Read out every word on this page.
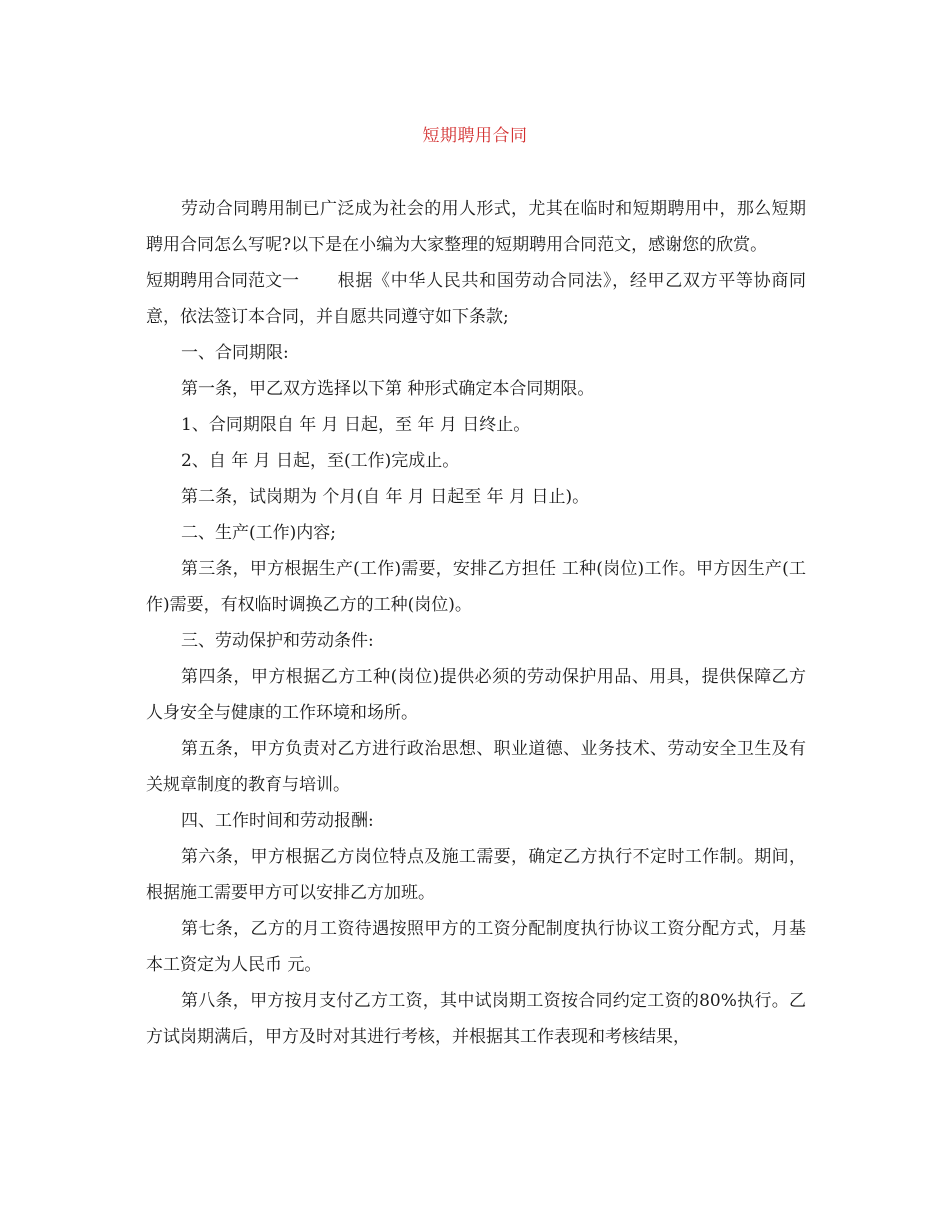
短期聘用合同

劳动合同聘用制已广泛成为社会的用人形式，尤其在临时和短期聘用中，那么短期聘用合同怎么写呢?以下是在小编为大家整理的短期聘用合同范文，感谢您的欣赏。

短期聘用合同范文一 根据《中华人民共和国劳动合同法》，经甲乙双方平等协商同意，依法签订本合同，并自愿共同遵守如下条款;

一、合同期限:

第一条，甲乙双方选择以下第 种形式确定本合同期限。

1、合同期限自 年 月 日起，至 年 月 日终止。

2、自 年 月 日起，至(工作)完成止。

第二条，试岗期为 个月(自 年 月 日起至 年 月 日止)。

二、生产(工作)内容;

第三条，甲方根据生产(工作)需要，安排乙方担任 工种(岗位)工作。甲方因生产(工作)需要，有权临时调换乙方的工种(岗位)。

三、劳动保护和劳动条件:

第四条，甲方根据乙方工种(岗位)提供必须的劳动保护用品、用具，提供保障乙方人身安全与健康的工作环境和场所。

第五条，甲方负责对乙方进行政治思想、职业道德、业务技术、劳动安全卫生及有关规章制度的教育与培训。

四、工作时间和劳动报酬:

第六条，甲方根据乙方岗位特点及施工需要，确定乙方执行不定时工作制。期间，根据施工需要甲方可以安排乙方加班。

第七条，乙方的月工资待遇按照甲方的工资分配制度执行协议工资分配方式，月基本工资定为人民币 元。

第八条，甲方按月支付乙方工资，其中试岗期工资按合同约定工资的80%执行。乙方试岗期满后，甲方及时对其进行考核，并根据其工作表现和考核结果，
